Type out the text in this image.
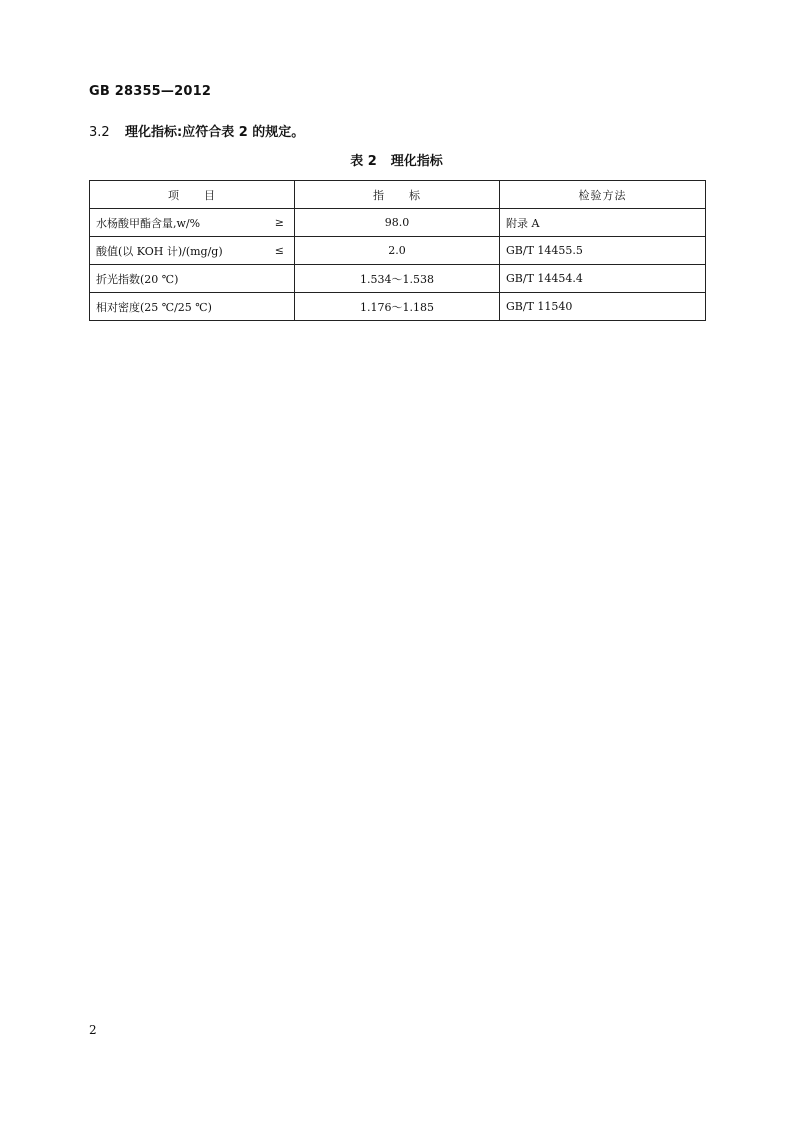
GB 28355—2012
3.2 理化指标:应符合表 2 的规定。
表 2 理化指标
项　　目	指　　标	检验方法

水杨酸甲酯含量,w/% ≥	98.0	附录 A

酸值(以 KOH 计)/(mg/g) ≤	2.0	GB/T 14455.5

折光指数(20 ℃)	1.534～1.538	GB/T 14454.4

相对密度(25 ℃/25 ℃)	1.176～1.185	GB/T 11540
2
